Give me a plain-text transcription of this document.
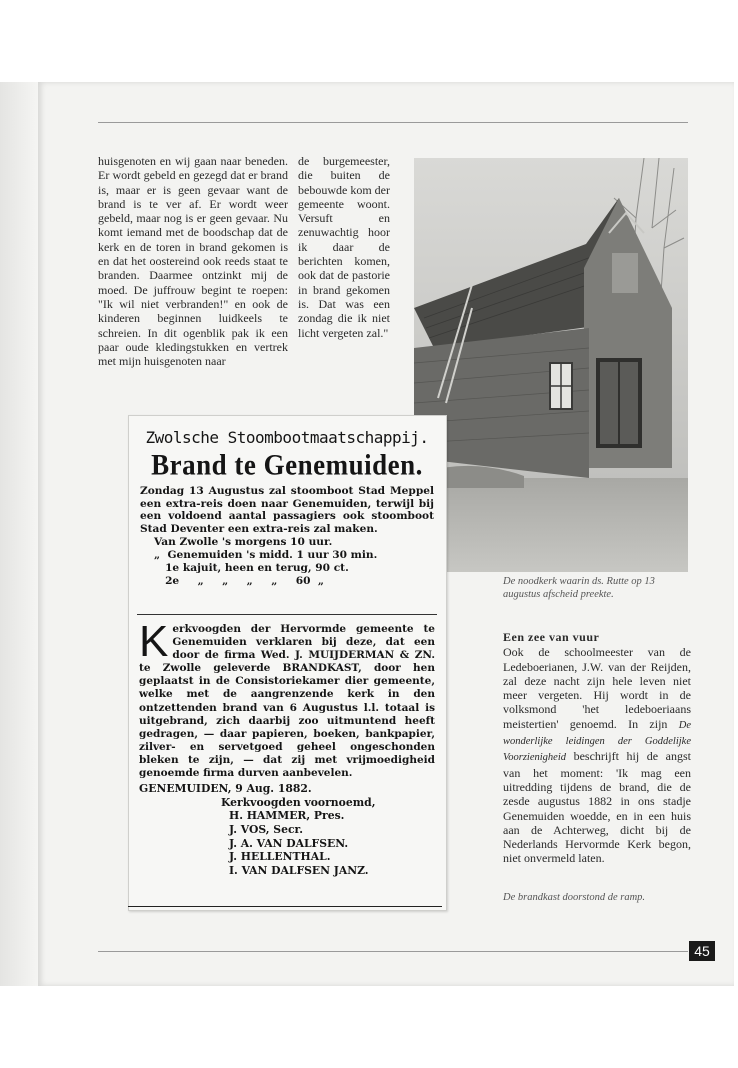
huisgenoten en wij gaan naar beneden. Er wordt gebeld en gezegd dat er brand is, maar er is geen gevaar want de brand is te ver af. Er wordt weer gebeld, maar nog is er geen gevaar. Nu komt iemand met de boodschap dat de kerk en de toren in brand gekomen is en dat het oostereind ook reeds staat te branden. Daarmee ontzinkt mij de moed. De juffrouw begint te roepen: "Ik wil niet verbranden!" en ook de kinderen beginnen luidkeels te schreien. In dit ogenblik pak ik een paar oude kledingstukken en vertrek met mijn huisgenoten naar
de burgemeester, die buiten de bebouwde kom der gemeente woont. Versuft en zenuwachtig hoor ik daar de berichten komen, ook dat de pastorie in brand gekomen is. Dat was een zondag die ik niet licht vergeten zal."
De noodkerk waarin ds. Rutte op 13 augustus afscheid preekte.
Een zee van vuur

Ook de schoolmeester van de Ledeboerianen, J.W. van der Reijden, zal deze nacht zijn hele leven niet meer vergeten. Hij wordt in de volksmond 'het ledeboeriaans meistertien' genoemd. In zijn De wonderlijke leidingen der Goddelijke Voorzienigheid beschrijft hij de angst van het moment: 'Ik mag een uitredding tijdens de brand, die de zesde augustus 1882 in ons stadje Genemuiden woedde, en in een huis aan de Achterweg, dicht bij de Nederlands Hervormde Kerk begon, niet onvermeld laten.

De brandkast doorstond de ramp.
Zwolsche Stoombootmaatschappij.
Brand te Genemuiden.
Zondag 13 Augustus zal stoomboot Stad Meppel een extra-reis doen naar Genemuiden, terwijl bij een voldoend aantal passagiers ook stoomboot Stad Deventer een extra-reis zal maken.
Van Zwolle 's morgens 10 uur.
„  Genemuiden 's midd. 1 uur 30 min.
1e kajuit, heen en terug, 90 ct.
2e     „     „     „     „     60  „
Kerkvoogden der Hervormde gemeente te Genemuiden verklaren bij deze, dat een door de firma Wed. J. MUIJDERMAN & ZN. te Zwolle geleverde BRANDKAST, door hen geplaatst in de Consistoriekamer dier gemeente, welke met de aangrenzende kerk in den ontzettenden brand van 6 Augustus l.l. totaal is uitgebrand, zich daarbij zoo uitmuntend heeft gedragen, — daar papieren, boeken, bankpapier, zilver- en servetgoed geheel ongeschonden bleken te zijn, — dat zij met vrijmoedigheid genoemde firma durven aanbevelen.
GENEMUIDEN, 9 Aug. 1882.
Kerkvoogden voornoemd,
H. HAMMER, Pres.
J. VOS, Secr.
J. A. VAN DALFSEN.
J. HELLENTHAL.
I. VAN DALFSEN JANZ.
45
